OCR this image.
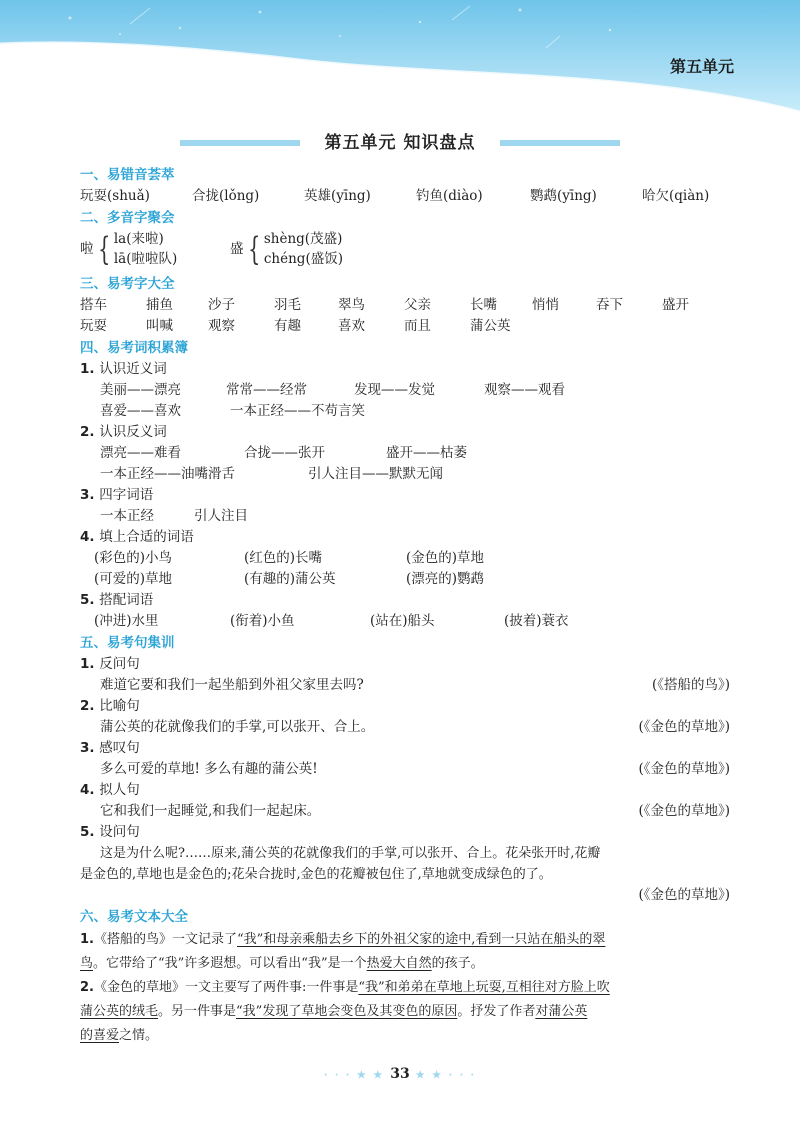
第五单元
第五单元 知识盘点
一、易错音荟萃
玩耍(shuǎ)	合拢(lǒng)	英雄(yīng)	钓鱼(diào)	鹦鹉(yīng)	哈欠(qiàn)
二、多音字聚会
啦 { la(来啦)
lā(啦啦队)
盛 { shèng(茂盛)
chéng(盛饭)
三、易考字大全
搭车	捕鱼	沙子	羽毛	翠鸟	父亲	长嘴	悄悄	吞下	盛开
玩耍	叫喊	观察	有趣	喜欢	而且	蒲公英
四、易考词积累簿
1. 认识近义词
美丽——漂亮	常常——经常	发现——发觉	观察——观看
喜爱——喜欢	一本正经——不苟言笑
2. 认识反义词
漂亮——难看	合拢——张开	盛开——枯萎
一本正经——油嘴滑舌	引人注目——默默无闻
3. 四字词语
一本正经	引人注目
4. 填上合适的词语
(彩色的)小鸟	(红色的)长嘴	(金色的)草地
(可爱的)草地	(有趣的)蒲公英	(漂亮的)鹦鹉
5. 搭配词语
(冲进)水里	(衔着)小鱼	(站在)船头	(披着)蓑衣
五、易考句集训
1. 反问句
难道它要和我们一起坐船到外祖父家里去吗?	(《搭船的鸟》)
2. 比喻句
蒲公英的花就像我们的手掌,可以张开、合上。	(《金色的草地》)
3. 感叹句
多么可爱的草地! 多么有趣的蒲公英!	(《金色的草地》)
4. 拟人句
它和我们一起睡觉,和我们一起起床。	(《金色的草地》)
5. 设问句
这是为什么呢?……原来,蒲公英的花就像我们的手掌,可以张开、合上。花朵张开时,花瓣
是金色的,草地也是金色的;花朵合拢时,金色的花瓣被包住了,草地就变成绿色的了。
(《金色的草地》)
六、易考文本大全
1.《搭船的鸟》一文记录了“我”和母亲乘船去乡下的外祖父家的途中,看到一只站在船头的翠
鸟。它带给了“我”许多遐想。可以看出“我”是一个热爱大自然的孩子。
2.《金色的草地》一文主要写了两件事:一件事是“我”和弟弟在草地上玩耍,互相往对方脸上吹
蒲公英的绒毛。另一件事是“我”发现了草地会变色及其变色的原因。抒发了作者对蒲公英
的喜爱之情。
· · · ★ ★ 33 ★ ★ · · ·
